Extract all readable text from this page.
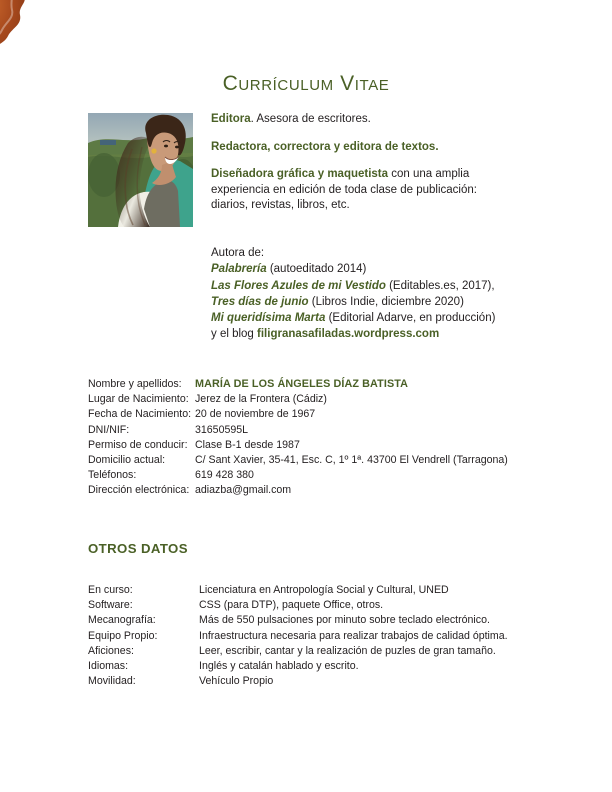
Currículum Vitae

Editora. Asesora de escritores.

Redactora, correctora y editora de textos.

Diseñadora gráfica y maquetista con una amplia

experiencia en edición de toda clase de publicación:

diarios, revistas, libros, etc.

Autora de:
Palabrería (autoeditado 2014)
Las Flores Azules de mi Vestido (Editables.es, 2017),
Tres días de junio (Libros Indie, diciembre 2020)
Mi queridísima Marta (Editorial Adarve, en producción)
y el blog filigranasafiladas.wordpress.com
Nombre y apellidos:	MARÍA DE LOS ÁNGELES DÍAZ BATISTA
Lugar de Nacimiento: Jerez de la Frontera (Cádiz)
Fecha de Nacimiento: 20 de noviembre de 1967
DNI/NIF:	31650595L
Permiso de conducir: Clase B-1 desde 1987
Domicilio actual:	C/ Sant Xavier, 35-41, Esc. C, 1º 1ª. 43700 El Vendrell (Tarragona)
Teléfonos:	619 428 380
Dirección electrónica: adiazba@gmail.com
OTROS DATOS
En curso:	Licenciatura en Antropología Social y Cultural, UNED
Software:	CSS (para DTP), paquete Office, otros.
Mecanografía:	Más de 550 pulsaciones por minuto sobre teclado electrónico.
Equipo Propio:	Infraestructura necesaria para realizar trabajos de calidad óptima.
Aficiones:	Leer, escribir, cantar y la realización de puzles de gran tamaño.
Idiomas:	Inglés y catalán hablado y escrito.
Movilidad:	Vehículo Propio
